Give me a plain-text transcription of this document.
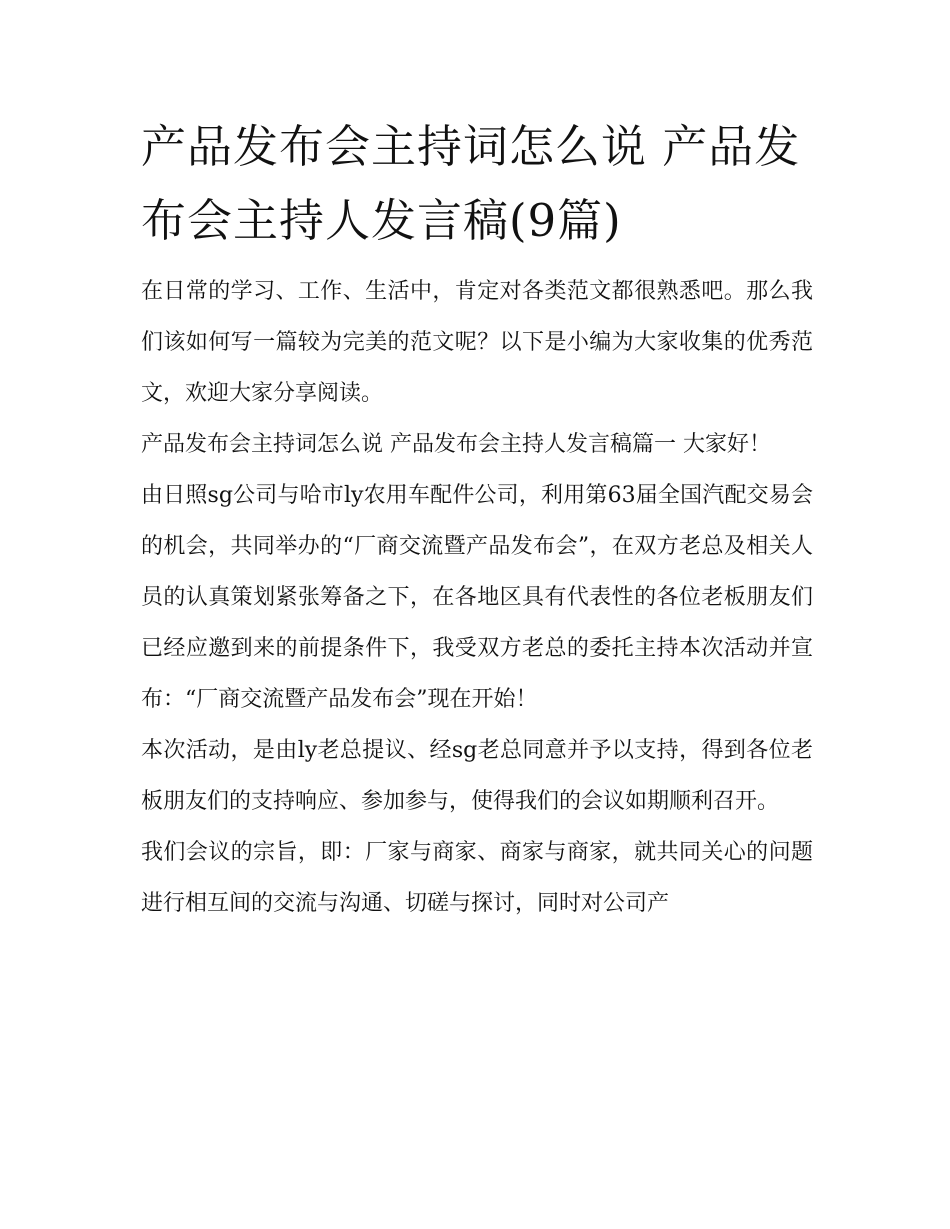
产品发布会主持词怎么说 产品发布会主持人发言稿(9篇)

在日常的学习、工作、生活中，肯定对各类范文都很熟悉吧。那么我们该如何写一篇较为完美的范文呢？以下是小编为大家收集的优秀范文，欢迎大家分享阅读。

产品发布会主持词怎么说 产品发布会主持人发言稿篇一 大家好！

由日照sg公司与哈市ly农用车配件公司，利用第63届全国汽配交易会的机会，共同举办的“厂商交流暨产品发布会”，在双方老总及相关人员的认真策划紧张筹备之下，在各地区具有代表性的各位老板朋友们已经应邀到来的前提条件下，我受双方老总的委托主持本次活动并宣布：“厂商交流暨产品发布会”现在开始！

本次活动，是由ly老总提议、经sg老总同意并予以支持，得到各位老板朋友们的支持响应、参加参与，使得我们的会议如期顺利召开。

我们会议的宗旨，即：厂家与商家、商家与商家，就共同关心的问题进行相互间的交流与沟通、切磋与探讨，同时对公司产
